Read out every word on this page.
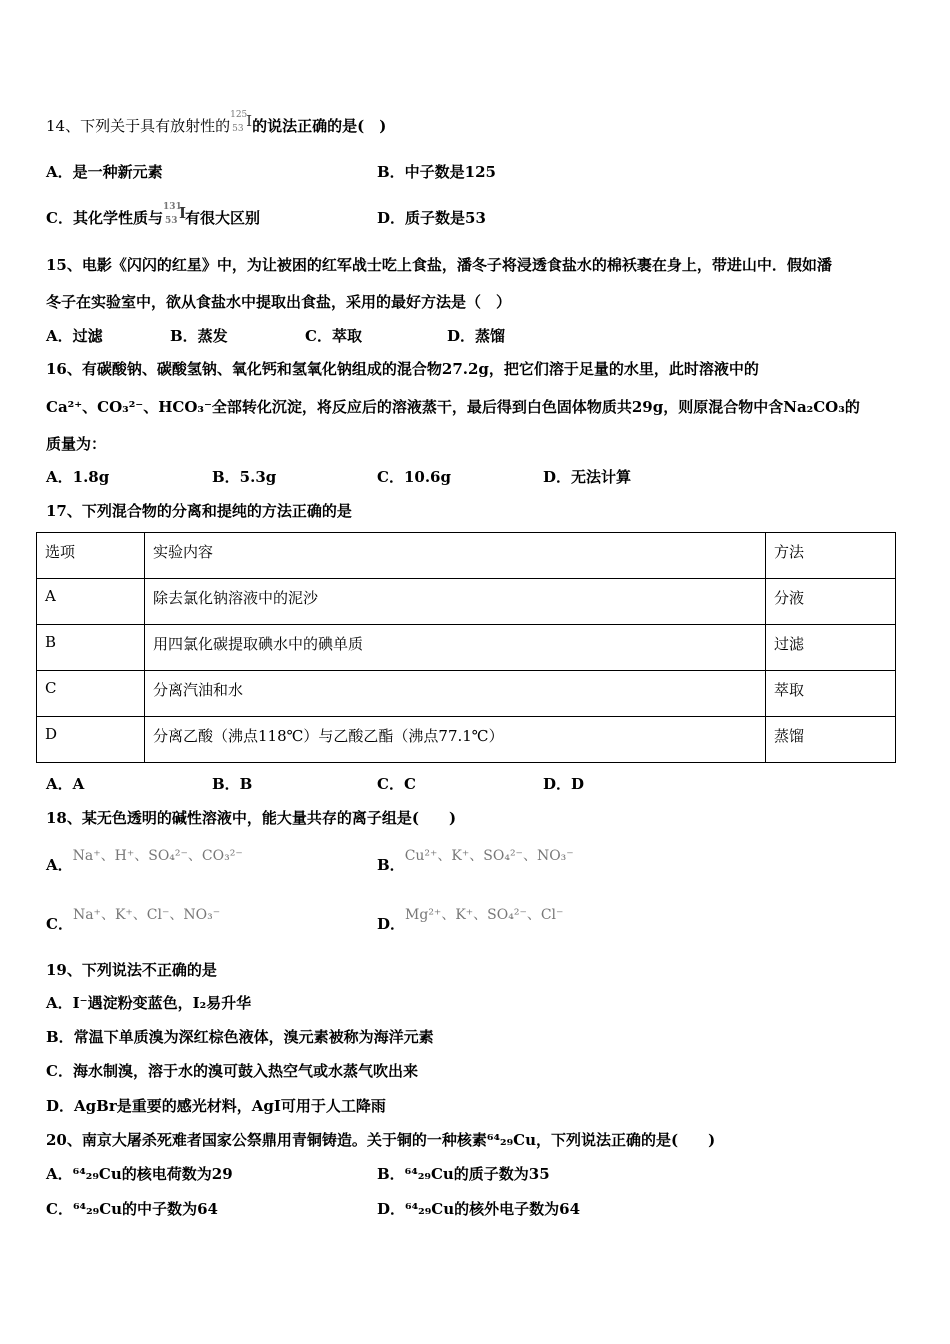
14、下列关于具有放射性的
125
53 I 的说法正确的是(　)
A．是一种新元素	B．中子数是125
C．其化学性质与
131
53 I
有很大区别	D．质子数是53
15、电影《闪闪的红星》中，为让被困的红军战士吃上食盐，潘冬子将浸透食盐水的棉袄裹在身上，带进山中．假如潘
冬子在实验室中，欲从食盐水中提取出食盐，采用的最好方法是（　）
A．过滤	B．蒸发	C．萃取	D．蒸馏
16、有碳酸钠、碳酸氢钠、氧化钙和氢氧化钠组成的混合物27.2g，把它们溶于足量的水里，此时溶液中的
Ca²⁺、CO₃²⁻、HCO₃⁻全部转化沉淀，将反应后的溶液蒸干，最后得到白色固体物质共29g，则原混合物中含Na₂CO₃的
质量为：
A．1.8g	B．5.3g	C．10.6g	D．无法计算
17、下列混合物的分离和提纯的方法正确的是
选项	实验内容	方法
A	除去氯化钠溶液中的泥沙	分液
B	用四氯化碳提取碘水中的碘单质	过滤
C	分离汽油和水	萃取
D	分离乙酸（沸点118℃）与乙酸乙酯（沸点77.1℃）	蒸馏
A．A	B．B	C．C	D．D
18、某无色透明的碱性溶液中，能大量共存的离子组是(　　)
A．Na⁺、H⁺、SO₄²⁻、CO₃²⁻	B．Cu²⁺、K⁺、SO₄²⁻、NO₃⁻
C．Na⁺、K⁺、Cl⁻、NO₃⁻	D．Mg²⁺、K⁺、SO₄²⁻、Cl⁻
19、下列说法不正确的是
A．I⁻遇淀粉变蓝色，I₂易升华
B．常温下单质溴为深红棕色液体，溴元素被称为海洋元素
C．海水制溴，溶于水的溴可鼓入热空气或水蒸气吹出来
D．AgBr是重要的感光材料，AgI可用于人工降雨
20、南京大屠杀死难者国家公祭鼎用青铜铸造。关于铜的一种核素⁶⁴₂₉Cu，下列说法正确的是(　　)
A．⁶⁴₂₉Cu的核电荷数为29	B．⁶⁴₂₉Cu的质子数为35
C．⁶⁴₂₉Cu的中子数为64	D．⁶⁴₂₉Cu的核外电子数为64
